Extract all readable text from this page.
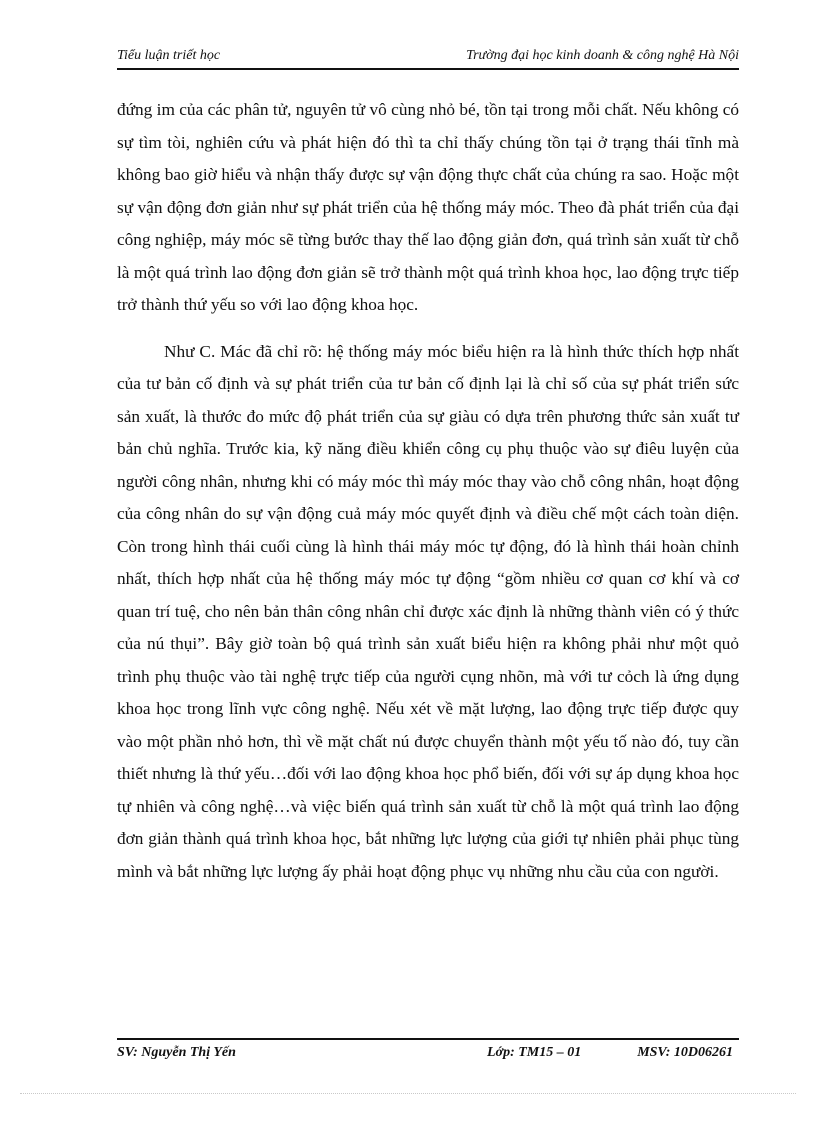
Tiểu luận triết học	Trường đại học kinh doanh & công nghệ Hà Nội

đứng im của các phân tử, nguyên tử vô cùng nhỏ bé, tồn tại trong mỗi chất. Nếu không có sự tìm tòi, nghiên cứu và phát hiện đó thì ta chỉ thấy chúng tồn tại ở trạng thái tĩnh mà không bao giờ hiểu và nhận thấy được sự vận động thực chất của chúng ra sao. Hoặc một sự vận động đơn giản như sự phát triển của hệ thống máy móc. Theo đà phát triển của đại công nghiệp, máy móc sẽ từng bước thay thế lao động giản đơn, quá trình sản xuất từ chỗ là một quá trình lao động đơn giản sẽ trở thành một quá trình khoa học, lao động trực tiếp trở thành thứ yếu so với lao động khoa học.

Như C. Mác đã chỉ rõ: hệ thống máy móc biểu hiện ra là hình thức thích hợp nhất của tư bản cố định và sự phát triển của tư bản cố định lại là chỉ số của sự phát triển sức sản xuất, là thước đo mức độ phát triển của sự giàu có dựa trên phương thức sản xuất tư bản chủ nghĩa. Trước kia, kỹ năng điều khiển công cụ phụ thuộc vào sự điêu luyện của người công nhân, nhưng khi có máy móc thì máy móc thay vào chỗ công nhân, hoạt động của công nhân do sự vận động cuả máy móc quyết định và điều chế một cách toàn diện. Còn trong hình thái cuối cùng là hình thái máy móc tự động, đó là hình thái hoàn chỉnh nhất, thích hợp nhất của hệ thống máy móc tự động “gồm nhiều cơ quan cơ khí và cơ quan trí tuệ, cho nên bản thân công nhân chỉ được xác định là những thành viên có ý thức của nú thụi”. Bây giờ toàn bộ quá trình sản xuất biểu hiện ra không phải như một quỏ trình phụ thuộc vào tài nghệ trực tiếp của người cụng nhõn, mà với tư cỏch là ứng dụng khoa học trong lĩnh vực công nghệ. Nếu xét về mặt lượng, lao động trực tiếp được quy vào một phần nhỏ hơn, thì về mặt chất nú được chuyển thành một yếu tố nào đó, tuy cần thiết nhưng là thứ yếu…đối với lao động khoa học phổ biến, đối với sự áp dụng khoa học tự nhiên và công nghệ…và việc biến quá trình sản xuất từ chỗ là một quá trình lao động đơn giản thành quá trình khoa học, bắt những lực lượng của giới tự nhiên phải phục tùng mình và bắt những lực lượng ấy phải hoạt động phục vụ những nhu cầu của con người.

SV: Nguyễn Thị Yến	Lớp: TM15 – 01	MSV: 10D06261
